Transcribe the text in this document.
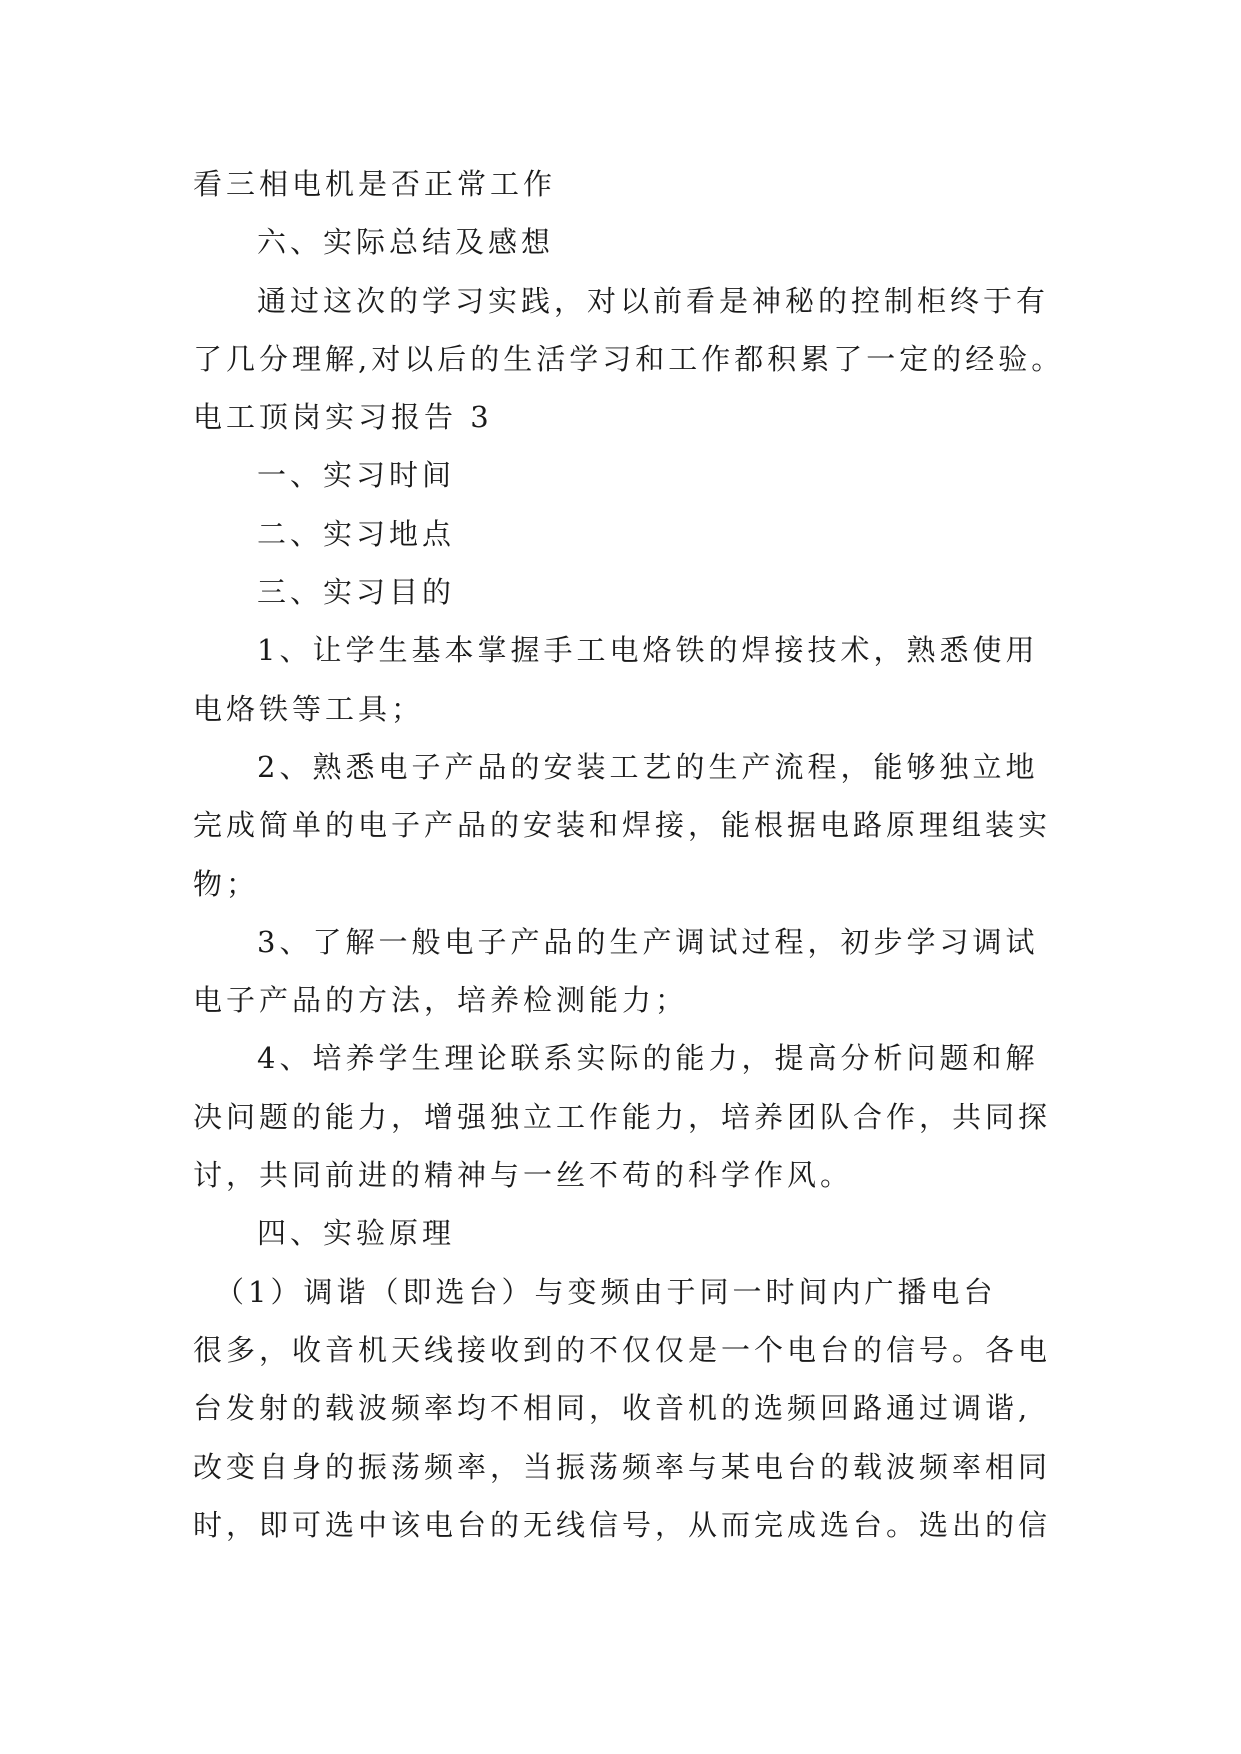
看三相电机是否正常工作
六、实际总结及感想
通过这次的学习实践，对以前看是神秘的控制柜终于有
了几分理解,对以后的生活学习和工作都积累了一定的经验。
电工顶岗实习报告 3
一、实习时间
二、实习地点
三、实习目的
1、让学生基本掌握手工电烙铁的焊接技术，熟悉使用
电烙铁等工具；
2、熟悉电子产品的安装工艺的生产流程，能够独立地
完成简单的电子产品的安装和焊接，能根据电路原理组装实
物；
3、了解一般电子产品的生产调试过程，初步学习调试
电子产品的方法，培养检测能力；
4、培养学生理论联系实际的能力，提高分析问题和解
决问题的能力，增强独立工作能力，培养团队合作，共同探
讨，共同前进的精神与一丝不苟的科学作风。
四、实验原理
（1）调谐（即选台）与变频由于同一时间内广播电台
很多，收音机天线接收到的不仅仅是一个电台的信号。各电
台发射的载波频率均不相同，收音机的选频回路通过调谐,
改变自身的振荡频率，当振荡频率与某电台的载波频率相同
时，即可选中该电台的无线信号，从而完成选台。选出的信
